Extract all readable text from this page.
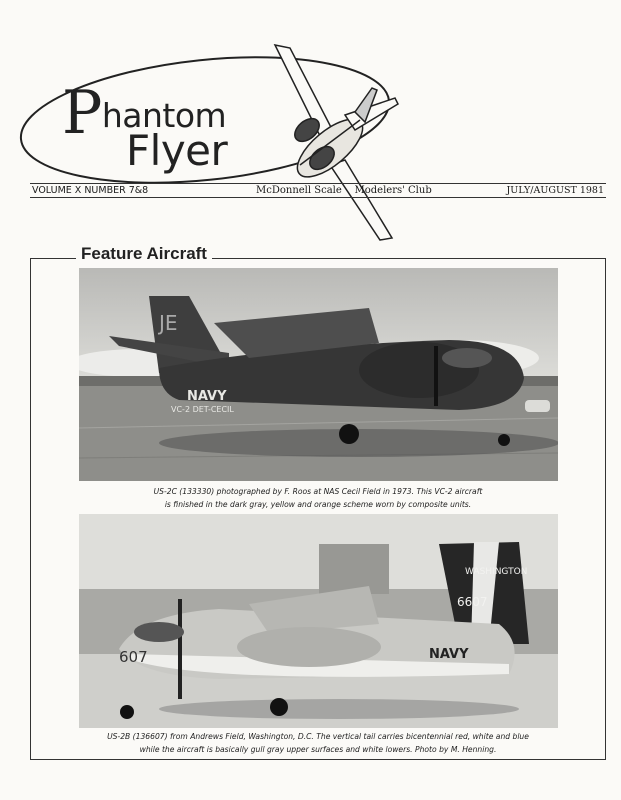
Phantom
Flyer
VOLUME X NUMBER 7&8	McDonnell Scale    Modelers' Club	JULY/AUGUST 1981
Feature Aircraft
JE
NAVY
VC-2 DET-CECIL
US-2C (133330) photographed by F. Roos at NAS Cecil Field in 1973. This VC-2 aircraft
is finished in the dark gray, yellow and orange scheme worn by composite units.
WASHINGTON
6607
607	NAVY
US-2B (136607) from Andrews Field, Washington, D.C. The vertical tail carries bicentennial red, white and blue
while the aircraft is basically gull gray upper surfaces and white lowers. Photo by M. Henning.
